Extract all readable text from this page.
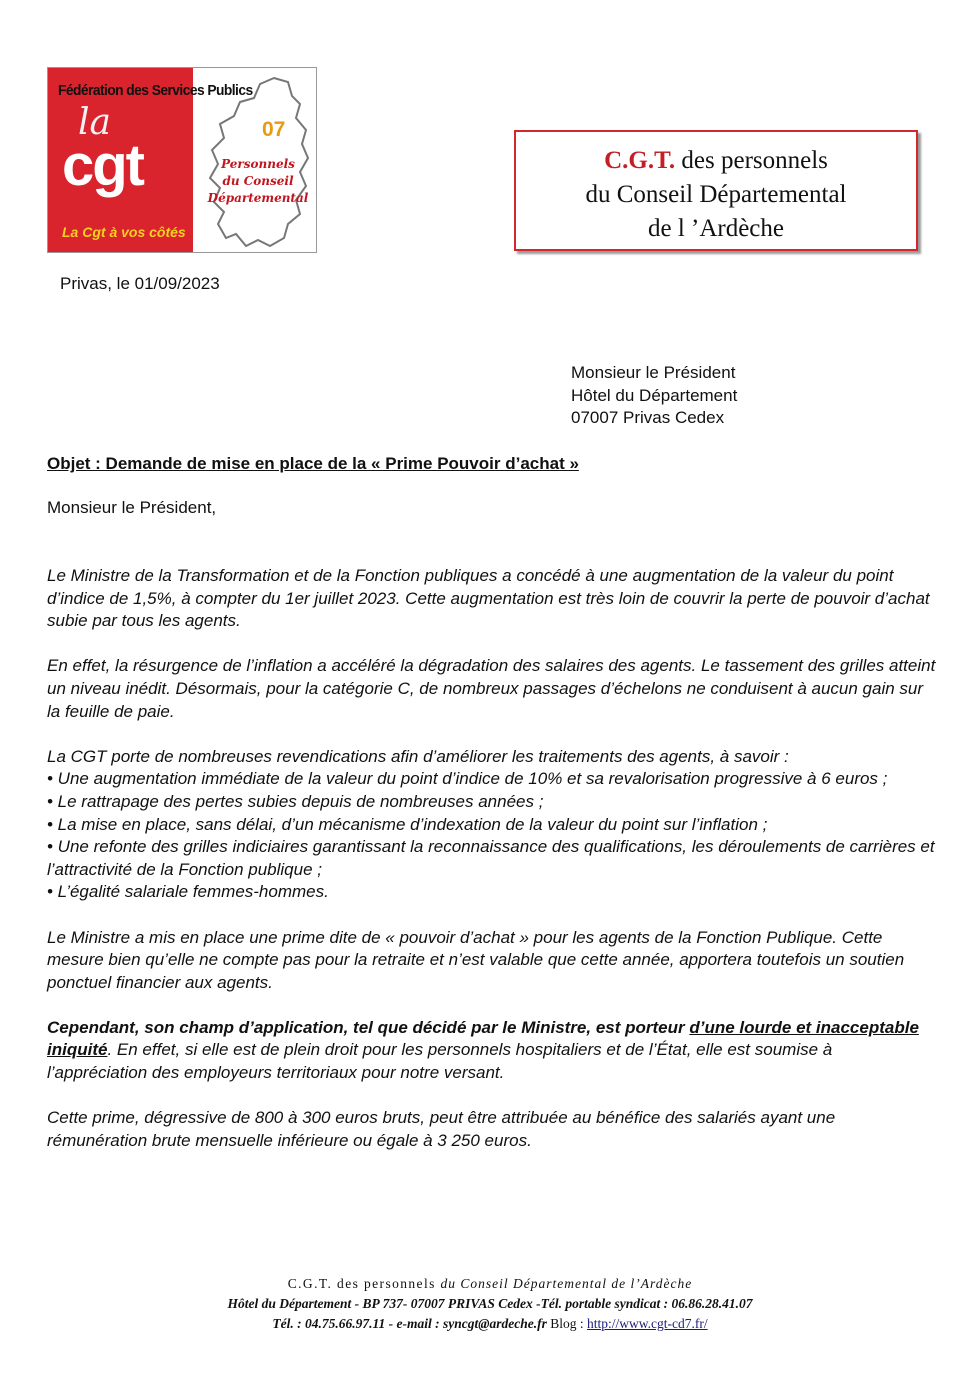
Fédération des Services Publics
la
cgt
La Cgt à vos côtés
07
Personnels
du Conseil
Départemental
C.G.T. des personnels
du Conseil Départemental
de l ’Ardèche
Privas, le 01/09/2023
Monsieur le Président
Hôtel du Département
07007 Privas Cedex
Objet : Demande de mise en place de la « Prime Pouvoir d’achat »
Monsieur le Président,

Le Ministre de la Transformation et de la Fonction publiques a concédé à une augmentation de la valeur du point d’indice de 1,5%, à compter du 1er juillet 2023. Cette augmentation est très loin de couvrir la perte de pouvoir d’achat subie par tous les agents.

En effet, la résurgence de l’inflation a accéléré la dégradation des salaires des agents. Le tassement des grilles atteint un niveau inédit. Désormais, pour la catégorie C, de nombreux passages d’échelons ne conduisent à aucun gain sur la feuille de paie.

La CGT porte de nombreuses revendications afin d’améliorer les traitements des agents, à savoir :
• Une augmentation immédiate de la valeur du point d’indice de 10% et sa revalorisation progressive à 6 euros ;
• Le rattrapage des pertes subies depuis de nombreuses années ;
• La mise en place, sans délai, d’un mécanisme d’indexation de la valeur du point sur l’inflation ;
• Une refonte des grilles indiciaires garantissant la reconnaissance des qualifications, les déroulements de carrières et l’attractivité de la Fonction publique ;
• L’égalité salariale femmes-hommes.

Le Ministre a mis en place une prime dite de « pouvoir d’achat » pour les agents de la Fonction Publique. Cette mesure bien qu’elle ne compte pas pour la retraite et n’est valable que cette année, apportera toutefois un soutien ponctuel financier aux agents.

Cependant, son champ d’application, tel que décidé par le Ministre, est porteur d’une lourde et inacceptable iniquité. En effet, si elle est de plein droit pour les personnels hospitaliers et de l’État, elle est soumise à l’appréciation des employeurs territoriaux pour notre versant.

Cette prime, dégressive de 800 à 300 euros bruts, peut être attribuée au bénéfice des salariés ayant une rémunération brute mensuelle inférieure ou égale à 3 250 euros.

C.G.T. des personnels du Conseil Départemental de l’Ardèche
Hôtel du Département - BP 737- 07007 PRIVAS Cedex -Tél. portable syndicat : 06.86.28.41.07
Tél. : 04.75.66.97.11 - e-mail : syncgt@ardeche.fr Blog : http://www.cgt-cd7.fr/
